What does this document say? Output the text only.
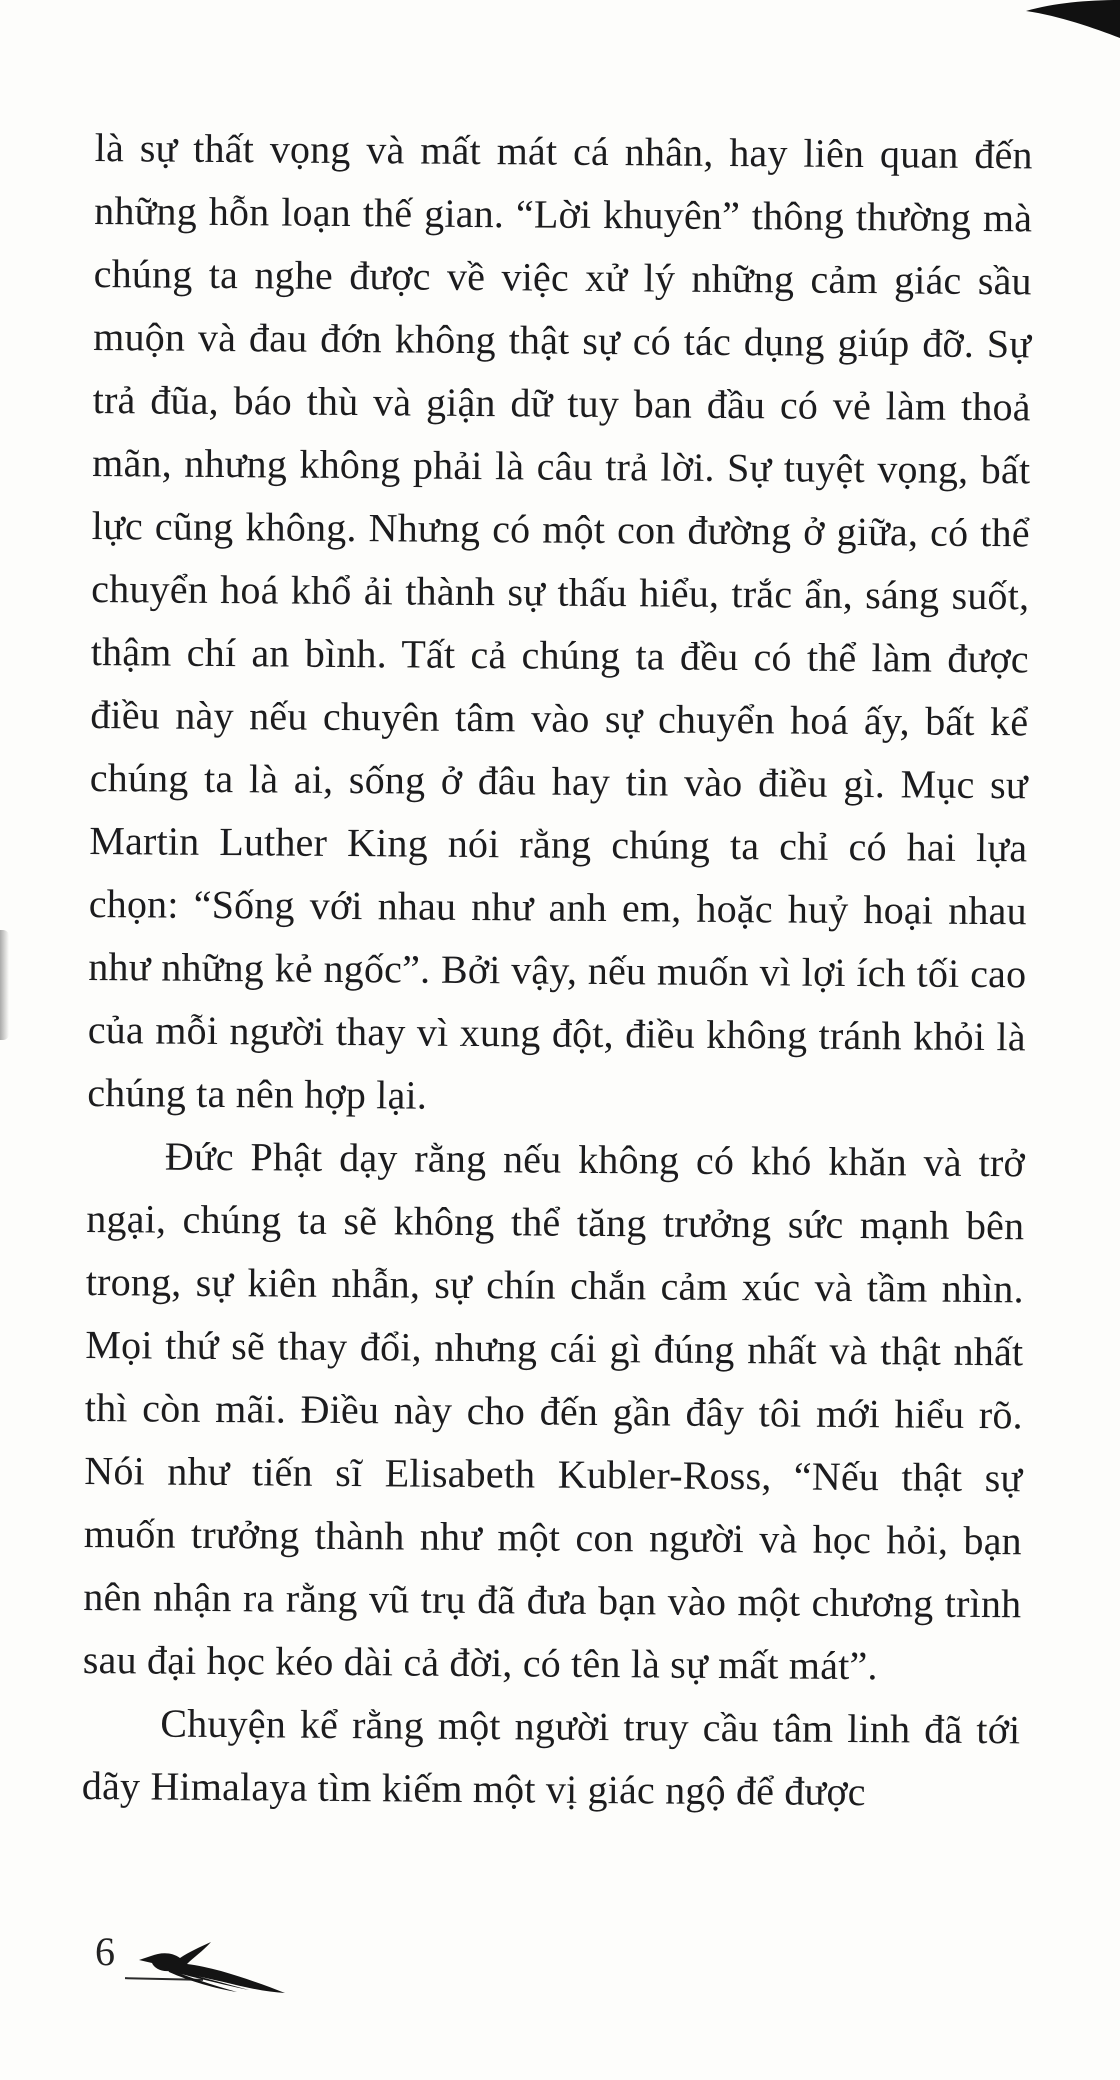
là sự thất vọng và mất mát cá nhân, hay liên quan đến những hỗn loạn thế gian. “Lời khuyên” thông thường mà chúng ta nghe được về việc xử lý những cảm giác sầu muộn và đau đớn không thật sự có tác dụng giúp đỡ. Sự trả đũa, báo thù và giận dữ tuy ban đầu có vẻ làm thoả mãn, nhưng không phải là câu trả lời. Sự tuyệt vọng, bất lực cũng không. Nhưng có một con đường ở giữa, có thể chuyển hoá khổ ải thành sự thấu hiểu, trắc ẩn, sáng suốt, thậm chí an bình. Tất cả chúng ta đều có thể làm được điều này nếu chuyên tâm vào sự chuyển hoá ấy, bất kể chúng ta là ai, sống ở đâu hay tin vào điều gì. Mục sư Martin Luther King nói rằng chúng ta chỉ có hai lựa chọn: “Sống với nhau như anh em, hoặc huỷ hoại nhau như những kẻ ngốc”. Bởi vậy, nếu muốn vì lợi ích tối cao của mỗi người thay vì xung đột, điều không tránh khỏi là chúng ta nên hợp lại.

Đức Phật dạy rằng nếu không có khó khăn và trở ngại, chúng ta sẽ không thể tăng trưởng sức mạnh bên trong, sự kiên nhẫn, sự chín chắn cảm xúc và tầm nhìn. Mọi thứ sẽ thay đổi, nhưng cái gì đúng nhất và thật nhất thì còn mãi. Điều này cho đến gần đây tôi mới hiểu rõ. Nói như tiến sĩ Elisabeth Kubler-Ross, “Nếu thật sự muốn trưởng thành như một con người và học hỏi, bạn nên nhận ra rằng vũ trụ đã đưa bạn vào một chương trình sau đại học kéo dài cả đời, có tên là sự mất mát”.

Chuyện kể rằng một người truy cầu tâm linh đã tới dãy Himalaya tìm kiếm một vị giác ngộ để được

6
